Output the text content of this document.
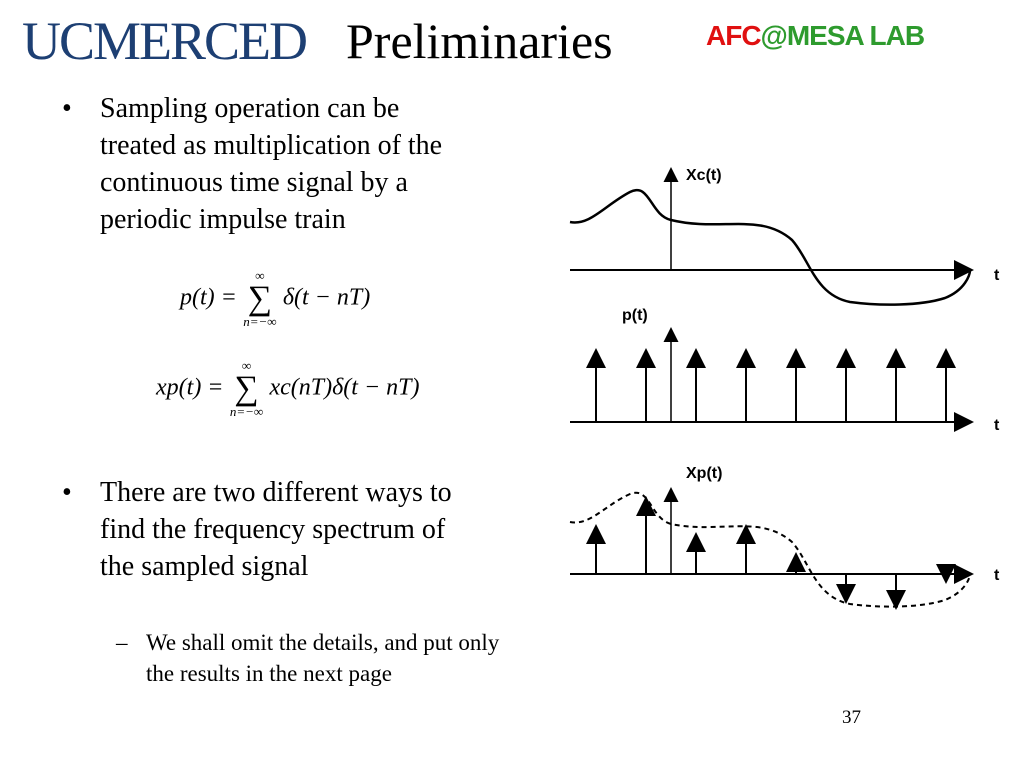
UCMERCED Preliminaries	AFC@MESA LAB
•	Sampling operation can be treated as multiplication of the continuous time signal by a periodic impulse train
p(t) =
∞
∑
n=−∞
δ(t − nT)
xp(t) =
∞
∑
n=−∞
xc(nT)δ(t − nT)
•	There are two different ways to find the frequency spectrum of the sampled signal
– We shall omit the details, and put only the results in the next page
Xc(t)
t
p(t)
t
Xp(t)
t
37
